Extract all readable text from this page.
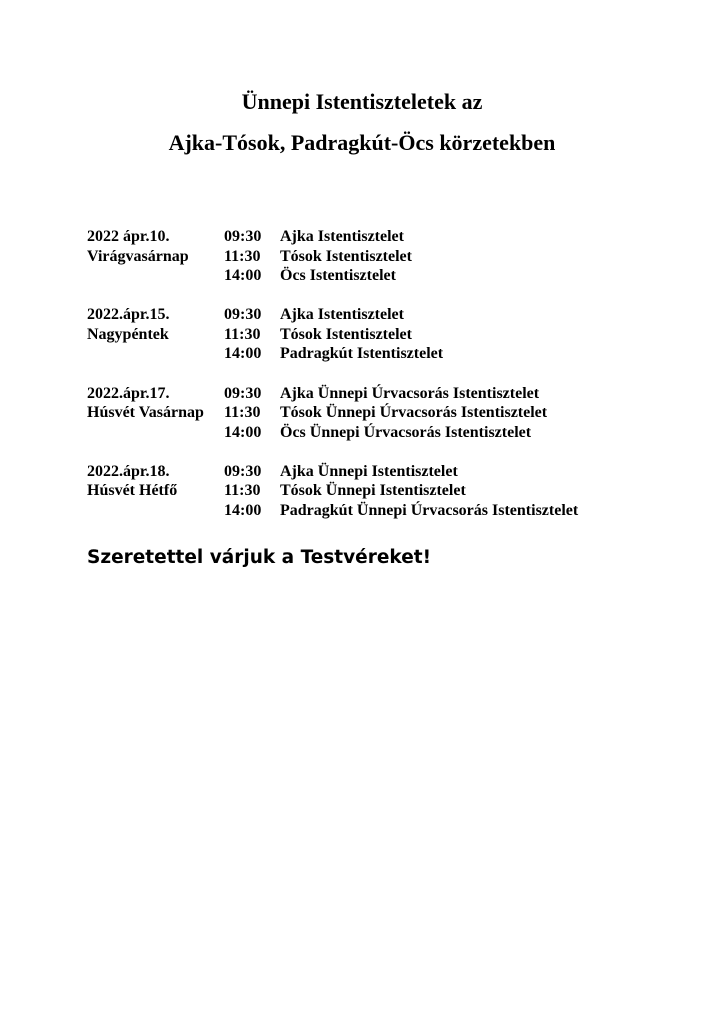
Ünnepi Istentiszteletek az
Ajka-Tósok, Padragkút-Öcs körzetekben
2022 ápr.10.	09:30 Ajka Istentisztelet
Virágvasárnap 11:30 Tósok Istentisztelet
14:00 Öcs Istentisztelet
2022.ápr.15.	09:30 Ajka Istentisztelet
Nagypéntek	11:30 Tósok Istentisztelet
14:00 Padragkút Istentisztelet
2022.ápr.17.	09:30 Ajka Ünnepi Úrvacsorás Istentisztelet
Húsvét Vasárnap 11:30 Tósok Ünnepi Úrvacsorás Istentisztelet
14:00 Öcs Ünnepi Úrvacsorás Istentisztelet
2022.ápr.18.	09:30 Ajka Ünnepi Istentisztelet
Húsvét Hétfő	11:30 Tósok Ünnepi Istentisztelet
14:00 Padragkút Ünnepi Úrvacsorás Istentisztelet
Szeretettel várjuk a Testvéreket!
